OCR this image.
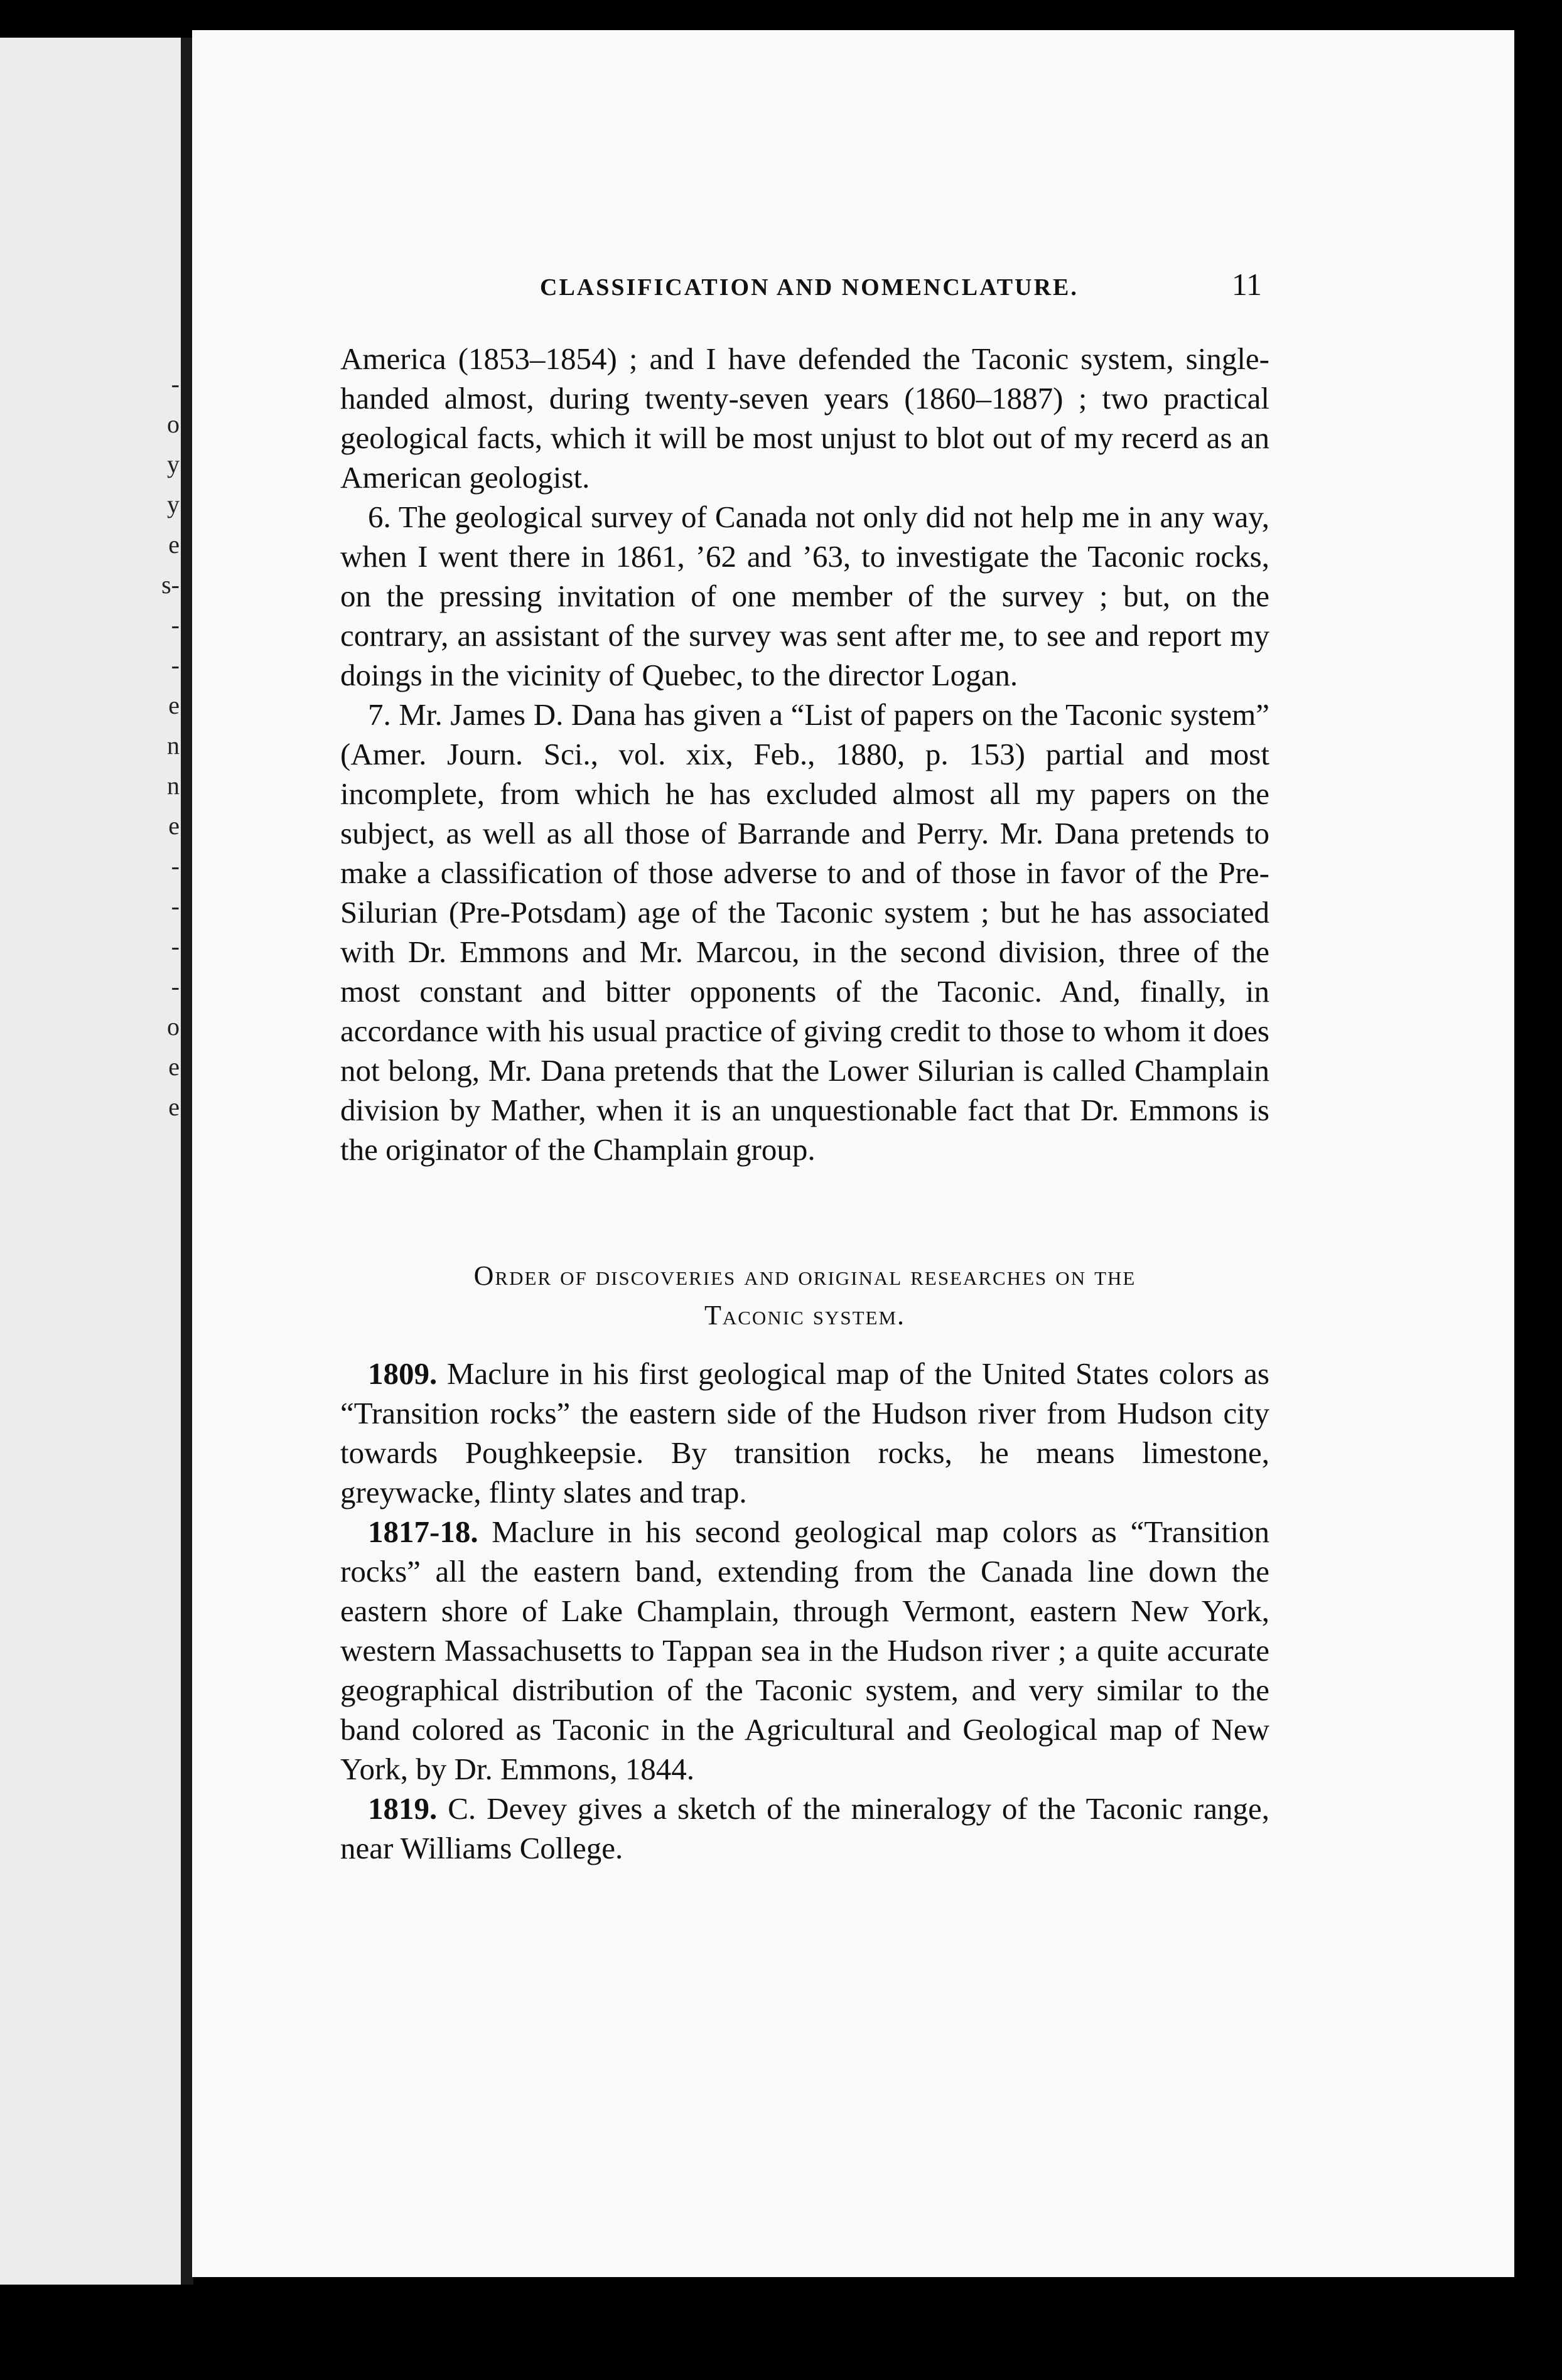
-
o
y
y
e
s-
-
-
e
n
n
e
-
-
-
-
o
e
e
CLASSIFICATION AND NOMENCLATURE.	11

America (1853–1854) ; and I have defended the Taconic system, single-handed almost, during twenty-seven years (1860–1887) ; two practical geological facts, which it will be most unjust to blot out of my recerd as an American geologist.

6. The geological survey of Canada not only did not help me in any way, when I went there in 1861, ’62 and ’63, to investigate the Taconic rocks, on the pressing invitation of one member of the survey ; but, on the contrary, an assistant of the survey was sent after me, to see and report my doings in the vicinity of Quebec, to the director Logan.

7. Mr. James D. Dana has given a “List of papers on the Taconic system” (Amer. Journ. Sci., vol. xix, Feb., 1880, p. 153) partial and most incomplete, from which he has excluded almost all my papers on the subject, as well as all those of Barrande and Perry. Mr. Dana pretends to make a classification of those adverse to and of those in favor of the Pre-Silurian (Pre-Potsdam) age of the Taconic system ; but he has associated with Dr. Emmons and Mr. Marcou, in the second division, three of the most constant and bitter opponents of the Taconic. And, finally, in accordance with his usual practice of giving credit to those to whom it does not belong, Mr. Dana pretends that the Lower Silurian is called Champlain division by Mather, when it is an unquestionable fact that Dr. Emmons is the originator of the Champlain group.

Order of discoveries and original researches on the
Taconic system.

1809. Maclure in his first geological map of the United States colors as “Transition rocks” the eastern side of the Hudson river from Hudson city towards Poughkeepsie. By transition rocks, he means limestone, greywacke, flinty slates and trap.

1817-18. Maclure in his second geological map colors as “Transition rocks” all the eastern band, extending from the Canada line down the eastern shore of Lake Champlain, through Vermont, eastern New York, western Massachusetts to Tappan sea in the Hudson river ; a quite accurate geographical distribution of the Taconic system, and very similar to the band colored as Taconic in the Agricultural and Geological map of New York, by Dr. Emmons, 1844.

1819. C. Devey gives a sketch of the mineralogy of the Taconic range, near Williams College.
